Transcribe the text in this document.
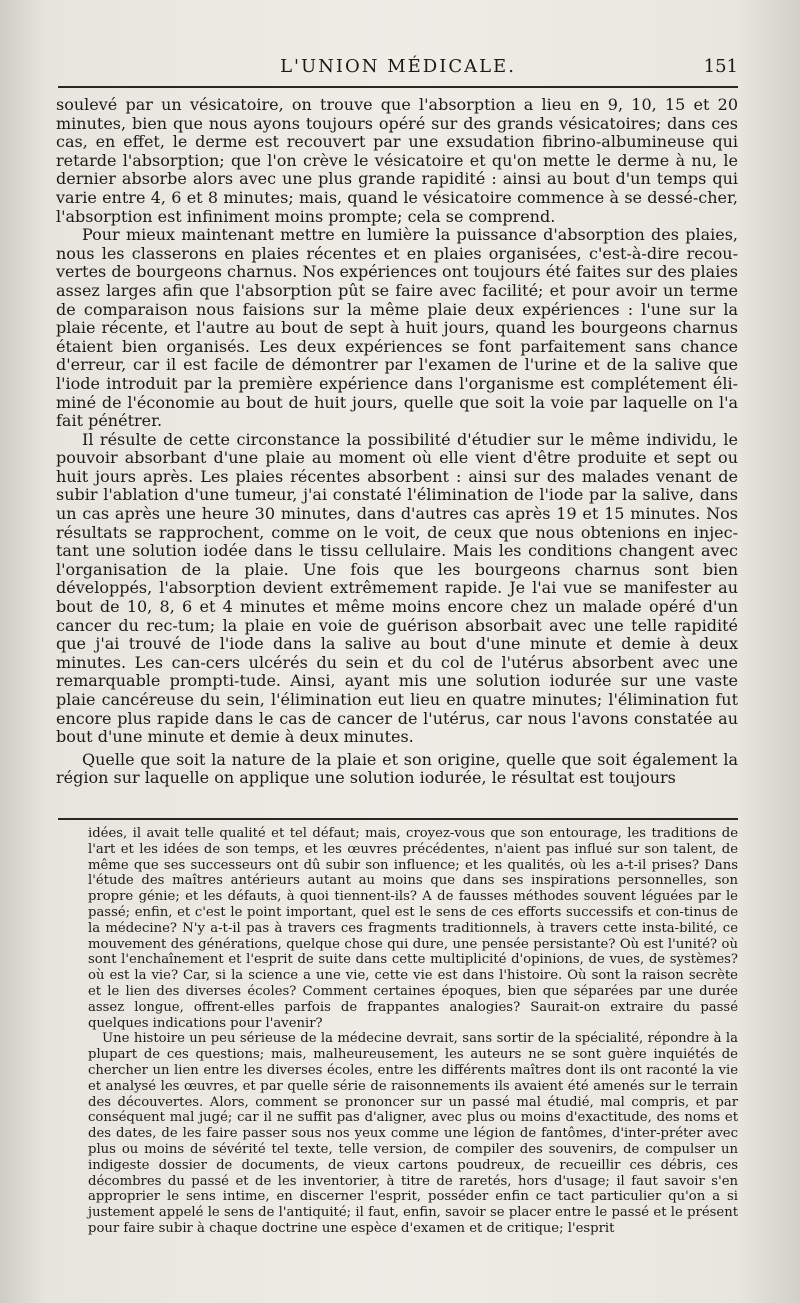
L'UNION MÉDICALE.	151

soulevé par un vésicatoire, on trouve que l'absorption a lieu en 9, 10, 15 et 20 minutes, bien que nous ayons toujours opéré sur des grands vésicatoires; dans ces cas, en effet, le derme est recouvert par une exsudation fibrino-albumineuse qui retarde l'absorption; que l'on crève le vésicatoire et qu'on mette le derme à nu, le dernier absorbe alors avec une plus grande rapidité : ainsi au bout d'un temps qui varie entre 4, 6 et 8 minutes; mais, quand le vésicatoire commence à se dessé-cher, l'absorption est infiniment moins prompte; cela se comprend.

Pour mieux maintenant mettre en lumière la puissance d'absorption des plaies, nous les classerons en plaies récentes et en plaies organisées, c'est-à-dire recou-vertes de bourgeons charnus. Nos expériences ont toujours été faites sur des plaies assez larges afin que l'absorption pût se faire avec facilité; et pour avoir un terme de comparaison nous faisions sur la même plaie deux expériences : l'une sur la plaie récente, et l'autre au bout de sept à huit jours, quand les bourgeons charnus étaient bien organisés. Les deux expériences se font parfaitement sans chance d'erreur, car il est facile de démontrer par l'examen de l'urine et de la salive que l'iode introduit par la première expérience dans l'organisme est complétement éli-miné de l'économie au bout de huit jours, quelle que soit la voie par laquelle on l'a fait pénétrer.

Il résulte de cette circonstance la possibilité d'étudier sur le même individu, le pouvoir absorbant d'une plaie au moment où elle vient d'être produite et sept ou huit jours après. Les plaies récentes absorbent : ainsi sur des malades venant de subir l'ablation d'une tumeur, j'ai constaté l'élimination de l'iode par la salive, dans un cas après une heure 30 minutes, dans d'autres cas après 19 et 15 minutes. Nos résultats se rapprochent, comme on le voit, de ceux que nous obtenions en injec-tant une solution iodée dans le tissu cellulaire. Mais les conditions changent avec l'organisation de la plaie. Une fois que les bourgeons charnus sont bien développés, l'absorption devient extrêmement rapide. Je l'ai vue se manifester au bout de 10, 8, 6 et 4 minutes et même moins encore chez un malade opéré d'un cancer du rec-tum; la plaie en voie de guérison absorbait avec une telle rapidité que j'ai trouvé de l'iode dans la salive au bout d'une minute et demie à deux minutes. Les can-cers ulcérés du sein et du col de l'utérus absorbent avec une remarquable prompti-tude. Ainsi, ayant mis une solution iodurée sur une vaste plaie cancéreuse du sein, l'élimination eut lieu en quatre minutes; l'élimination fut encore plus rapide dans le cas de cancer de l'utérus, car nous l'avons constatée au bout d'une minute et demie à deux minutes.

Quelle que soit la nature de la plaie et son origine, quelle que soit également la région sur laquelle on applique une solution iodurée, le résultat est toujours

idées, il avait telle qualité et tel défaut; mais, croyez-vous que son entourage, les traditions de l'art et les idées de son temps, et les œuvres précédentes, n'aient pas influé sur son talent, de même que ses successeurs ont dû subir son influence; et les qualités, où les a-t-il prises? Dans l'étude des maîtres antérieurs autant au moins que dans ses inspirations personnelles, son propre génie; et les défauts, à quoi tiennent-ils? A de fausses méthodes souvent léguées par le passé; enfin, et c'est le point important, quel est le sens de ces efforts successifs et con-tinus de la médecine? N'y a-t-il pas à travers ces fragments traditionnels, à travers cette insta-bilité, ce mouvement des générations, quelque chose qui dure, une pensée persistante? Où est l'unité? où sont l'enchaînement et l'esprit de suite dans cette multiplicité d'opinions, de vues, de systèmes? où est la vie? Car, si la science a une vie, cette vie est dans l'histoire. Où sont la raison secrète et le lien des diverses écoles? Comment certaines époques, bien que séparées par une durée assez longue, offrent-elles parfois de frappantes analogies? Saurait-on extraire du passé quelques indications pour l'avenir?

Une histoire un peu sérieuse de la médecine devrait, sans sortir de la spécialité, répondre à la plupart de ces questions; mais, malheureusement, les auteurs ne se sont guère inquiétés de chercher un lien entre les diverses écoles, entre les différents maîtres dont ils ont raconté la vie et analysé les œuvres, et par quelle série de raisonnements ils avaient été amenés sur le terrain des découvertes. Alors, comment se prononcer sur un passé mal étudié, mal compris, et par conséquent mal jugé; car il ne suffit pas d'aligner, avec plus ou moins d'exactitude, des noms et des dates, de les faire passer sous nos yeux comme une légion de fantômes, d'inter-préter avec plus ou moins de sévérité tel texte, telle version, de compiler des souvenirs, de compulser un indigeste dossier de documents, de vieux cartons poudreux, de recueillir ces débris, ces décombres du passé et de les inventorier, à titre de raretés, hors d'usage; il faut savoir s'en approprier le sens intime, en discerner l'esprit, posséder enfin ce tact particulier qu'on a si justement appelé le sens de l'antiquité; il faut, enfin, savoir se placer entre le passé et le présent pour faire subir à chaque doctrine une espèce d'examen et de critique; l'esprit
